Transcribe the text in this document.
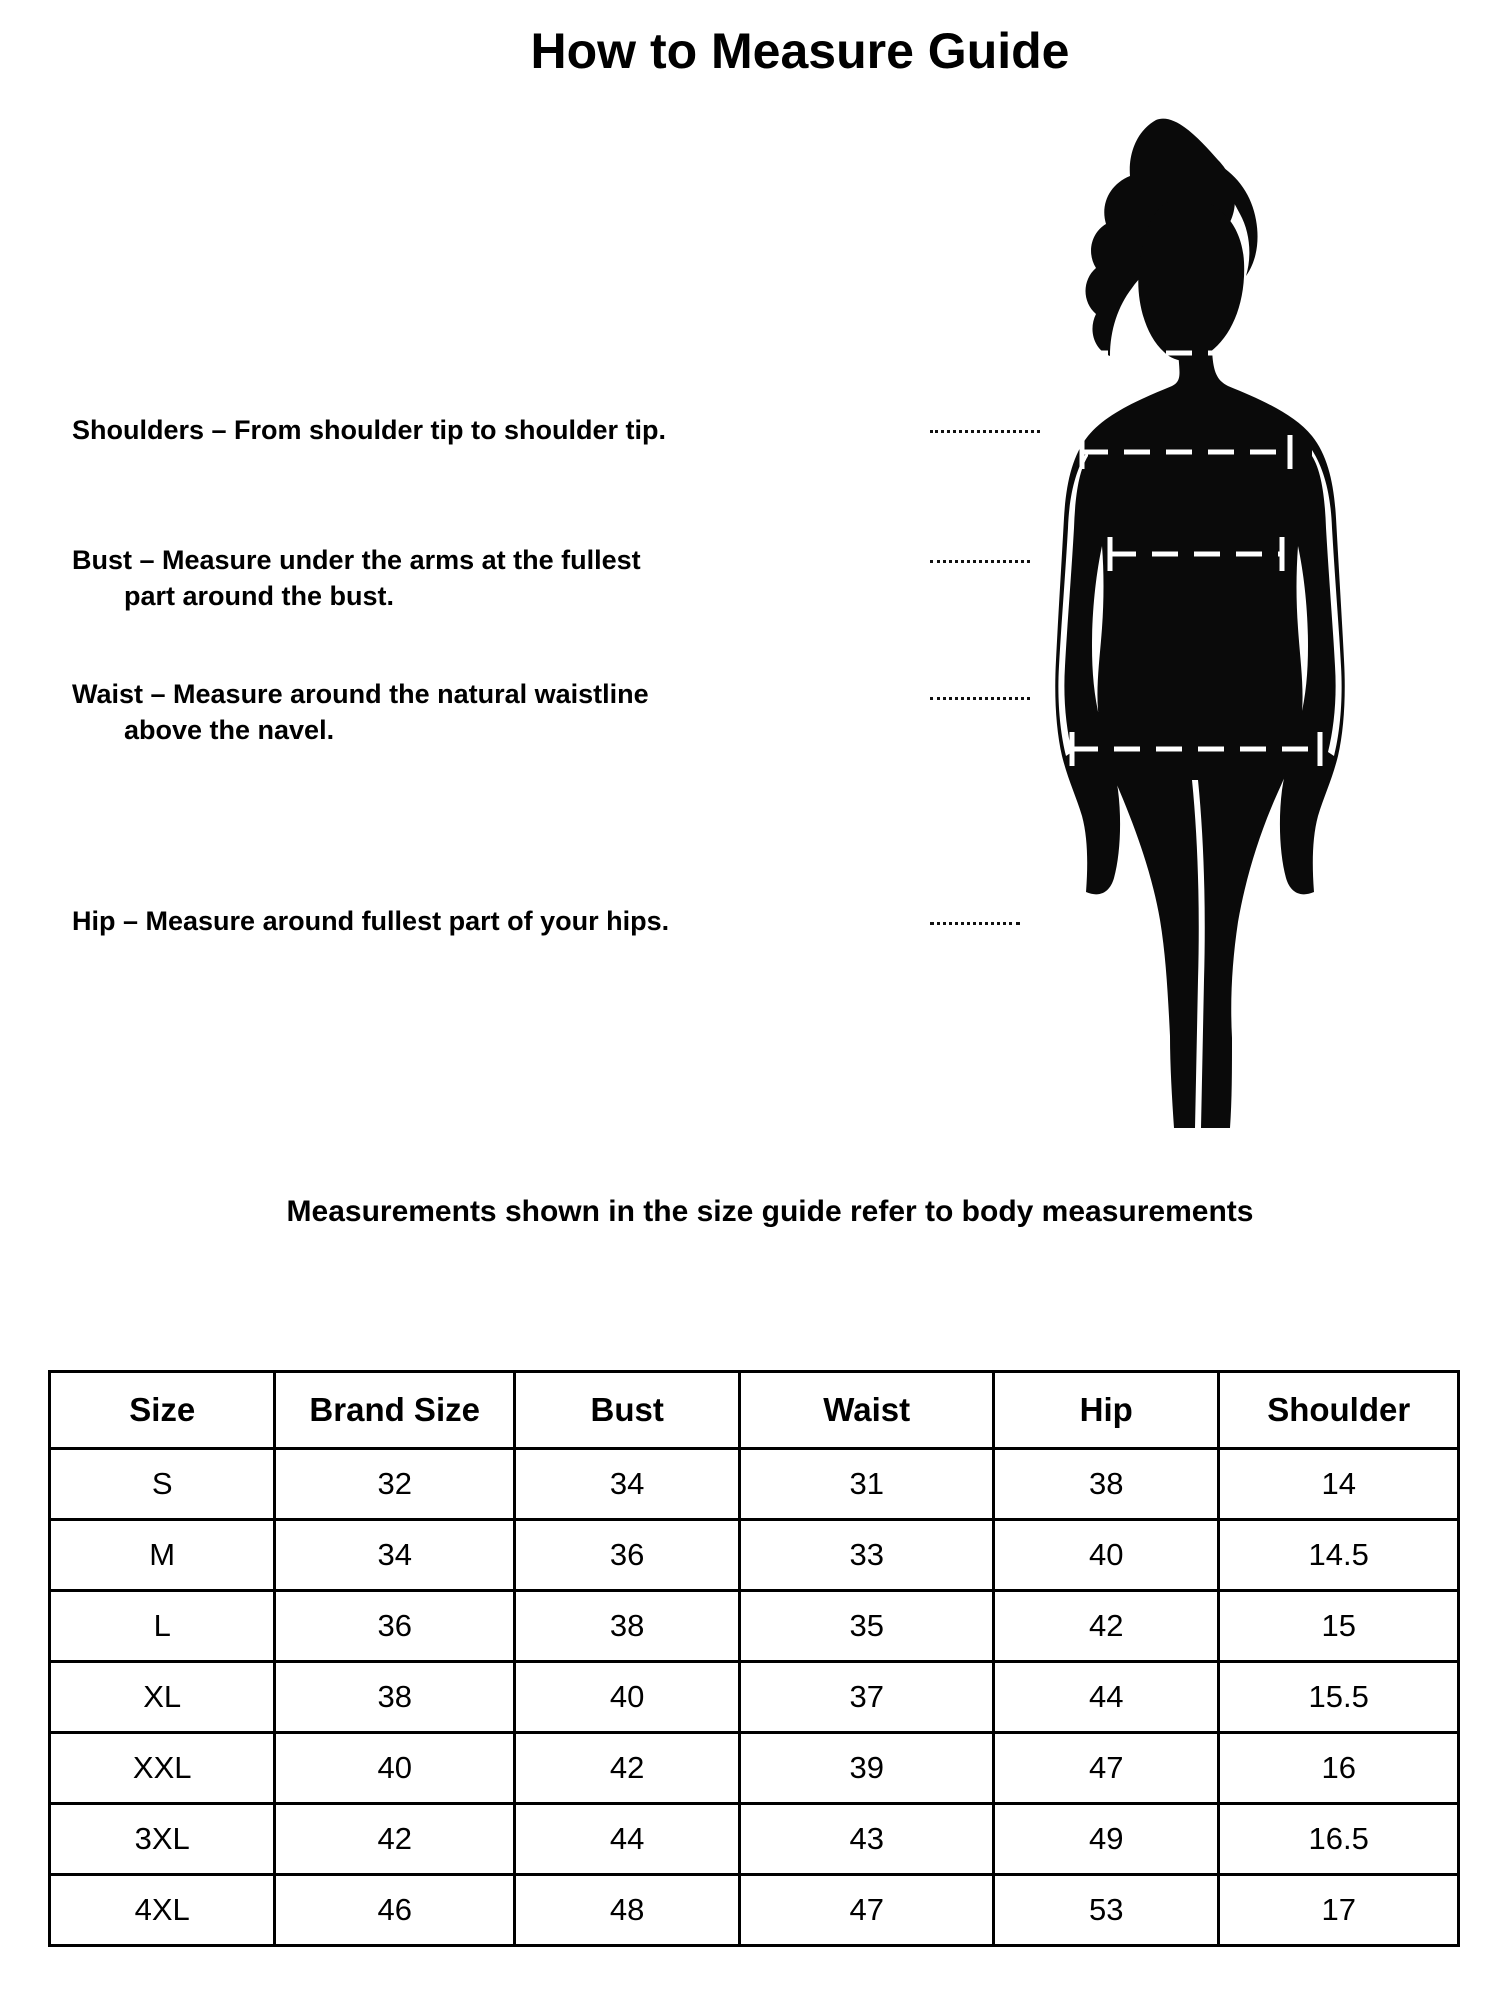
How to Measure Guide
Shoulders – From shoulder tip to shoulder tip.
Bust – Measure under the arms at the fullest
part around the bust.
Waist – Measure around the natural waistline
above the navel.
Hip – Measure around fullest part of your hips.
Measurements shown in the size guide refer to body measurements
Size	Brand Size	Bust	Waist	Hip	Shoulder
S	32	34	31	38	14
M	34	36	33	40	14.5
L	36	38	35	42	15
XL	38	40	37	44	15.5
XXL	40	42	39	47	16
3XL	42	44	43	49	16.5
4XL	46	48	47	53	17
